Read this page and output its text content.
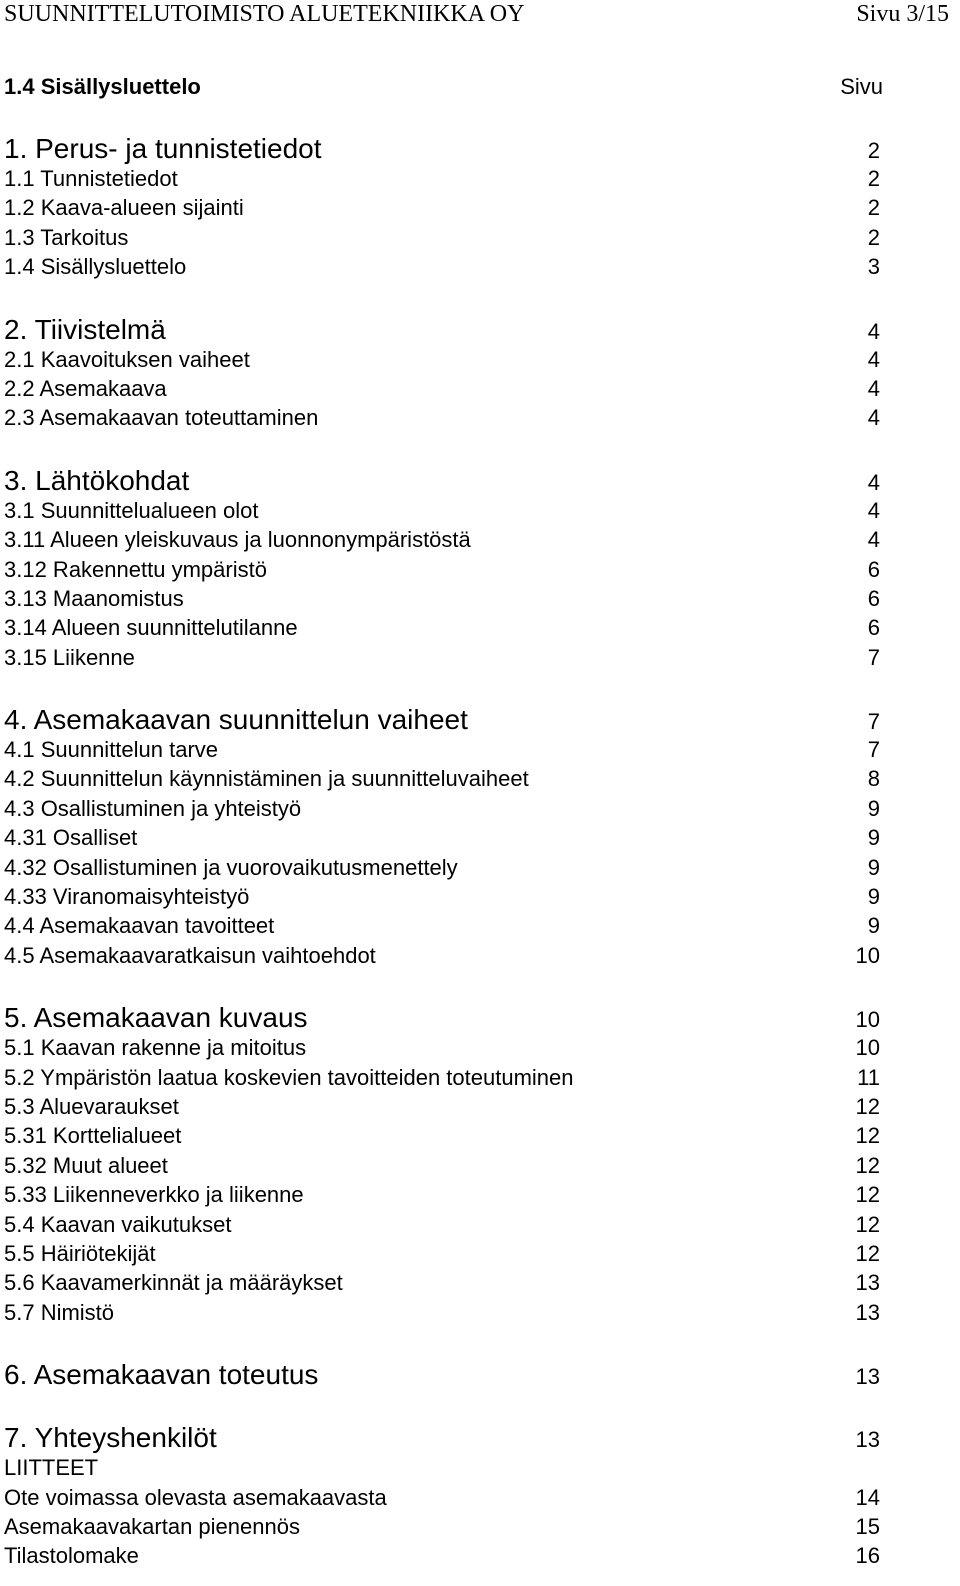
SUUNNITTELUTOIMISTO ALUETEKNIIKKA OY	Sivu 3/15
1.4 Sisällysluettelo	Sivu
1. Perus- ja tunnistetiedot	2
1.1 Tunnistetiedot	2
1.2 Kaava-alueen sijainti	2
1.3 Tarkoitus	2
1.4 Sisällysluettelo	3
2. Tiivistelmä	4
2.1 Kaavoituksen vaiheet	4
2.2 Asemakaava	4
2.3 Asemakaavan toteuttaminen	4
3. Lähtökohdat	4
3.1 Suunnittelualueen olot	4
3.11 Alueen yleiskuvaus ja luonnonympäristöstä	4
3.12 Rakennettu ympäristö	6
3.13 Maanomistus	6
3.14 Alueen suunnittelutilanne	6
3.15 Liikenne	7
4. Asemakaavan suunnittelun vaiheet	7
4.1 Suunnittelun tarve	7
4.2 Suunnittelun käynnistäminen ja suunnitteluvaiheet	8
4.3 Osallistuminen ja yhteistyö	9
4.31 Osalliset	9
4.32 Osallistuminen ja vuorovaikutusmenettely	9
4.33 Viranomaisyhteistyö	9
4.4 Asemakaavan tavoitteet	9
4.5 Asemakaavaratkaisun vaihtoehdot	10
5. Asemakaavan kuvaus	10
5.1 Kaavan rakenne ja mitoitus	10
5.2 Ympäristön laatua koskevien tavoitteiden toteutuminen	11
5.3 Aluevaraukset	12
5.31 Korttelialueet	12
5.32 Muut alueet	12
5.33 Liikenneverkko ja liikenne	12
5.4 Kaavan vaikutukset	12
5.5 Häiriötekijät	12
5.6 Kaavamerkinnät ja määräykset	13
5.7 Nimistö	13
6. Asemakaavan toteutus	13
7. Yhteyshenkilöt	13
LIITTEET
Ote voimassa olevasta asemakaavasta	14
Asemakaavakartan pienennös	15
Tilastolomake	16
